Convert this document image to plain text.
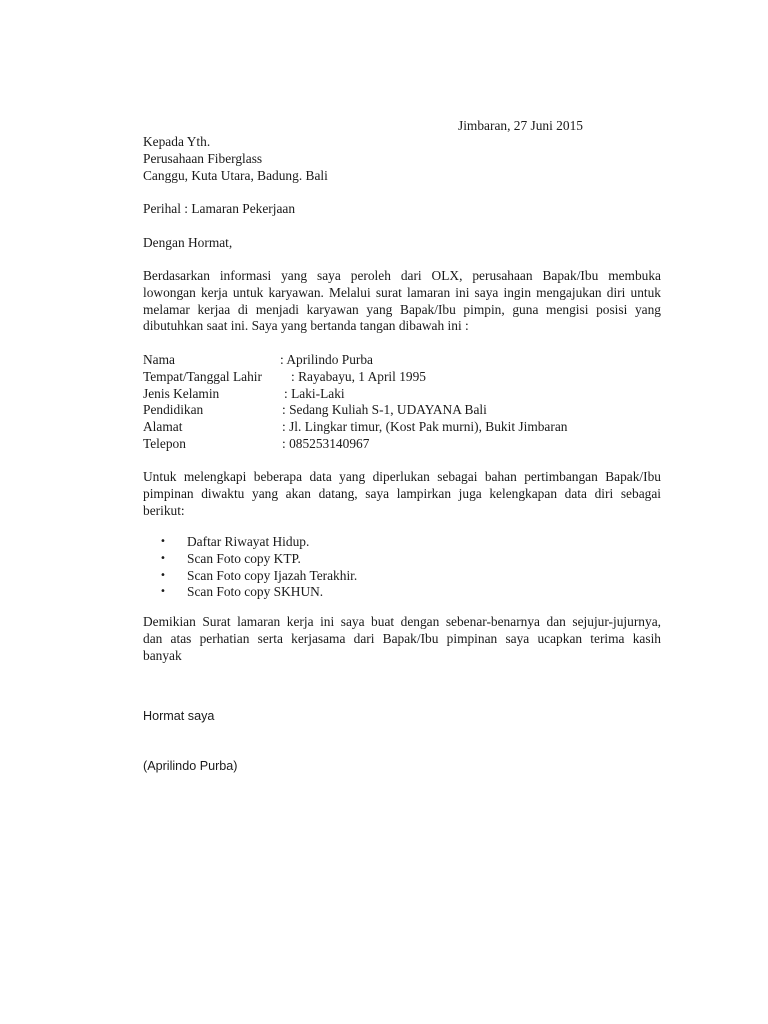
Jimbaran, 27 Juni 2015
Kepada Yth.
Perusahaan Fiberglass
Canggu, Kuta Utara, Badung. Bali
Perihal : Lamaran Pekerjaan
Dengan Hormat,
Berdasarkan informasi yang saya peroleh dari OLX, perusahaan Bapak/Ibu membuka
lowongan kerja untuk karyawan. Melalui surat lamaran ini saya ingin mengajukan diri untuk
melamar kerjaa di menjadi karyawan yang Bapak/Ibu pimpin, guna mengisi posisi yang
dibutuhkan saat ini. Saya yang bertanda tangan dibawah ini :
Nama	: Aprilindo Purba
Tempat/Tanggal Lahir : Rayabayu, 1 April 1995
Jenis Kelamin	: Laki-Laki
Pendidikan	: Sedang Kuliah S-1, UDAYANA Bali
Alamat	: Jl. Lingkar timur, (Kost Pak murni), Bukit Jimbaran
Telepon	: 085253140967
Untuk melengkapi beberapa data yang diperlukan sebagai bahan pertimbangan Bapak/Ibu
pimpinan diwaktu yang akan datang, saya lampirkan juga kelengkapan data diri sebagai
berikut:
• Daftar Riwayat Hidup.
• Scan Foto copy KTP.
• Scan Foto copy Ijazah Terakhir.
• Scan Foto copy SKHUN.
Demikian Surat lamaran kerja ini saya buat dengan sebenar-benarnya dan sejujur-jujurnya,
dan atas perhatian serta kerjasama dari Bapak/Ibu pimpinan saya ucapkan terima kasih
banyak
Hormat saya
(Aprilindo Purba)
